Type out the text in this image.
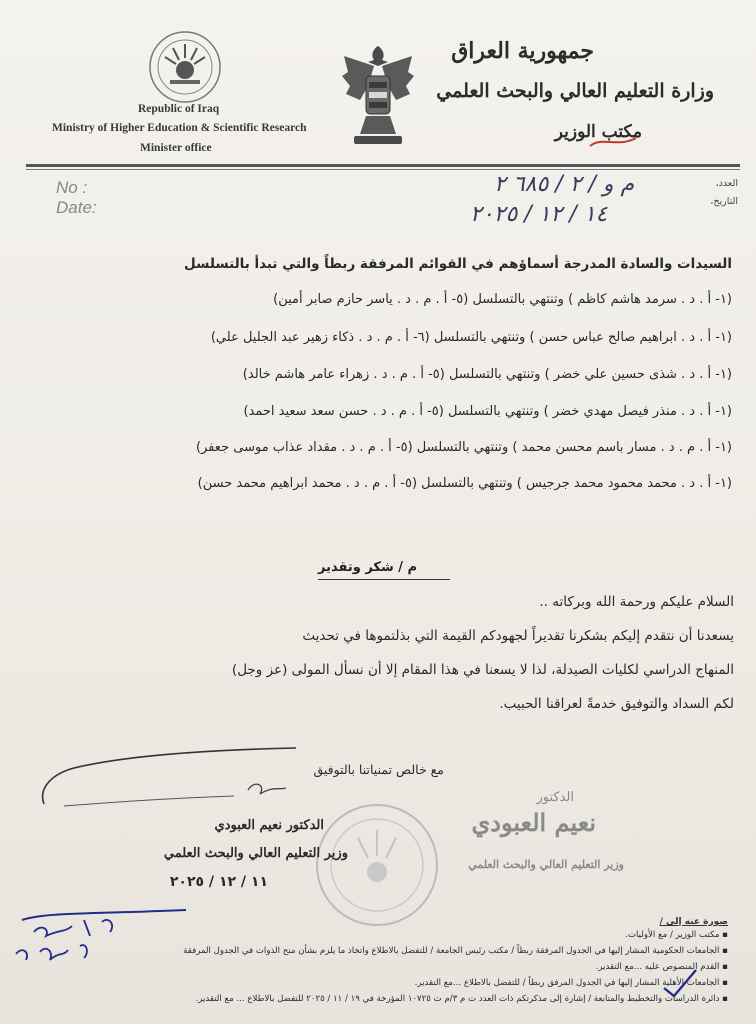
Republic of Iraq
Ministry of Higher Education & Scientific Research
Minister office
جمهورية العراق
وزارة التعليم العالي والبحث العلمي
مكتب الوزير
No :
Date:
العدد،
التاريخ،
م و / ٢ / ٦٨٥ ٢
١٤ / ١٢ / ٢٠٢٥
السيدات والسادة المدرجة أسماؤهم في القوائم المرفقة ربطاً والتي تبدأ بالتسلسل
(١- أ . د . سرمد هاشم كاظم ) وتنتهي بالتسلسل (٥- أ . م . د . ياسر حازم صابر أمين)
(١- أ . د . ابراهيم صالح عباس حسن ) وتنتهي بالتسلسل (٦- أ . م . د . ذكاء زهير عبد الجليل علي)
(١- أ . د . شذى حسين علي خضر ) وتنتهي بالتسلسل (٥- أ . م . د . زهراء عامر هاشم خالد)
(١- أ . د . منذر فيصل مهدي خضر ) وتنتهي بالتسلسل (٥- أ . م . د . حسن سعد سعيد احمد)
(١- أ . م . د . مسار باسم محسن محمد ) وتنتهي بالتسلسل (٥- أ . م . د . مقداد عذاب موسى جعفر)
(١- أ . د . محمد محمود محمد جرجيس ) وتنتهي بالتسلسل (٥- أ . م . د . محمد ابراهيم محمد حسن)
م / شكر وتقدير
السلام عليكم ورحمة الله وبركاته ..
يسعدنا أن نتقدم إليكم بشكرنا تقديراً لجهودكم القيمة التي بذلتموها في تحديث
المنهاج الدراسي لكليات الصيدلة، لذا لا يسعنا في هذا المقام إلا أن نسأل المولى (عز وجل)
لكم السداد والتوفيق خدمةً لعراقنا الحبيب.
مع خالص تمنياتنا بالتوفيق
الدكتور نعيم العبودي
وزير التعليم العالي والبحث العلمي
١١ / ١٢ / ٢٠٢٥
الدكتور
نعيم العبودي
وزير التعليم العالي والبحث العلمي
صورة عنه إلى /
▪ مكتب الوزير / مع الأوليات.
▪ الجامعات الحكومية المشار إليها في الجدول المرفقة ربطاً / مكتب رئيس الجامعة / للتفضل بالاطلاع واتخاذ ما يلزم بشأن منح الذوات في الجدول المرفقة
▪ القدم المنصوص عليه ...مع التقدير.
▪ الجامعات الأهلية المشار إليها في الجدول المرفق ربطاً / للتفضل بالاطلاع ...مع التقدير.
▪ دائرة الدراسات والتخطيط والمتابعة / إشارة إلى مذكرتكم ذات العدد ت م ٣/م ت ١٠٧٢٥ المؤرخة في ١٩ / ١١ / ٢٠٢٥ للتفضل بالاطلاع ... مع التقدير.
